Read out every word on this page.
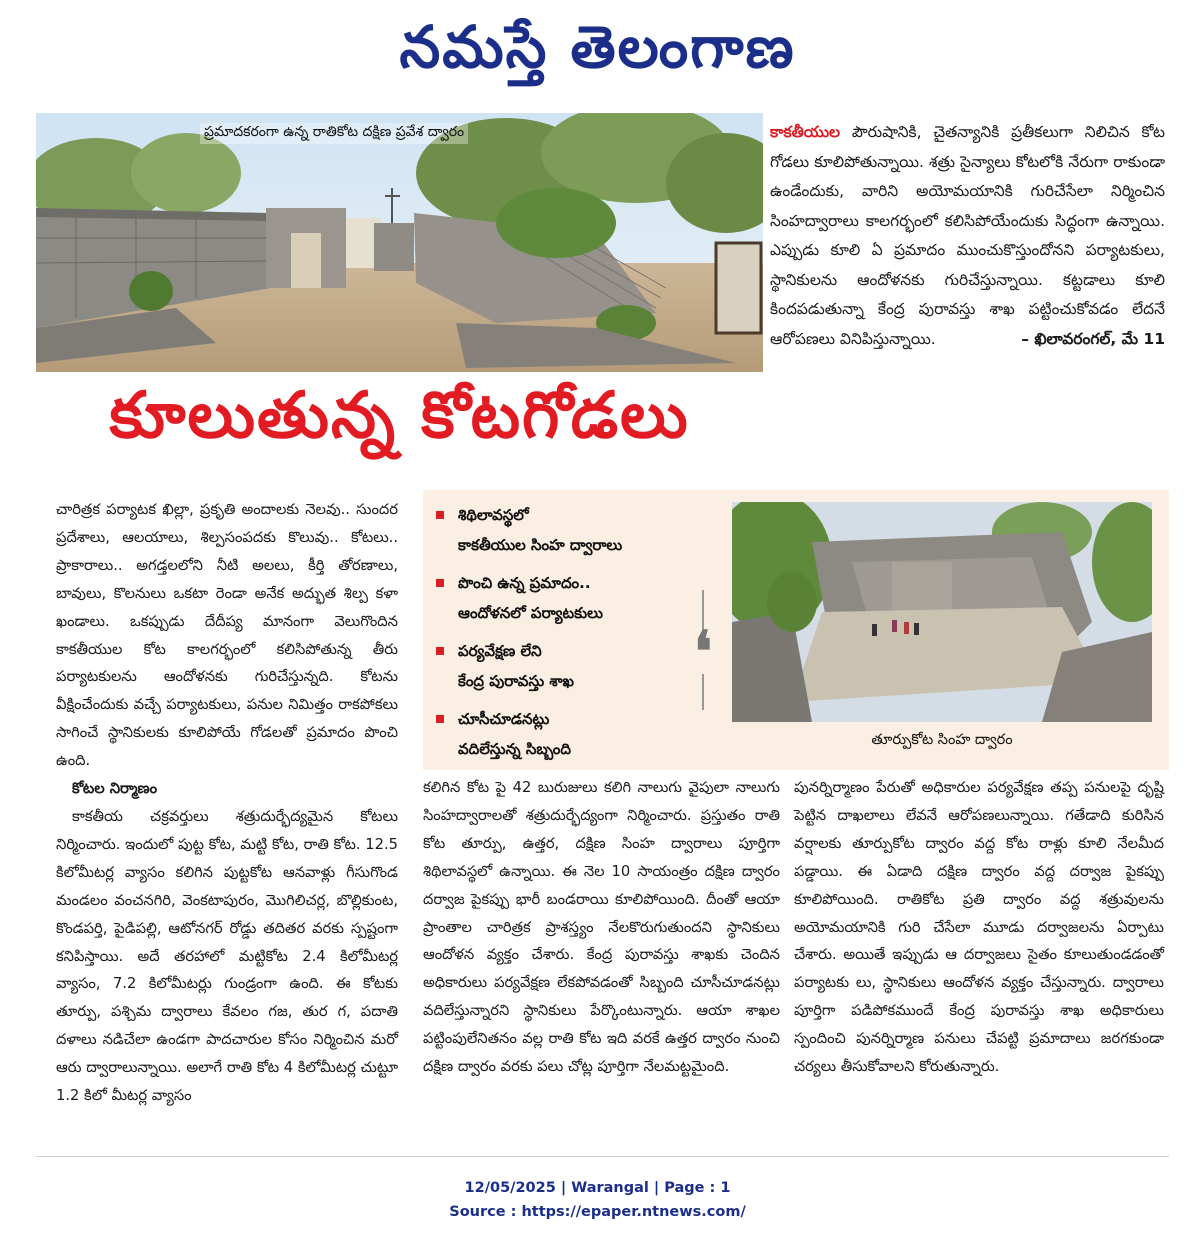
నమస్తే తెలంగాణ
ప్రమాదకరంగా ఉన్న రాతికోట దక్షిణ ప్రవేశ ద్వారం
కూలుతున్న కోటగోడలు
కాకతీయుల పౌరుషానికి, చైతన్యానికి ప్రతీకలుగా నిలిచిన కోట గోడలు కూలిపోతున్నాయి. శత్రు సైన్యాలు కోటలోకి నేరుగా రాకుండా ఉండేందుకు, వారిని అయోమయానికి గురిచేసేలా నిర్మించిన సింహద్వారాలు కాలగర్భంలో కలిసిపోయేందుకు సిద్ధంగా ఉన్నాయి. ఎప్పుడు కూలి ఏ ప్రమాదం ముంచుకొస్తుందోనని పర్యాటకులు, స్థానికులను ఆందోళనకు గురిచేస్తున్నాయి. కట్టడాలు కూలి కిందపడుతున్నా కేంద్ర పురావస్తు శాఖ పట్టించుకోవడం లేదనే ఆరోపణలు వినిపిస్తున్నాయి.	– ఖిలావరంగల్, మే 11

చారిత్రక పర్యాటక ఖిల్లా, ప్రకృతి అందాలకు నెలవు.. సుందర ప్రదేశాలు, ఆలయాలు, శిల్పసంపదకు కొలువు.. కోటలు.. ప్రాకారాలు.. అగడ్తలలోని నీటి అలలు, కీర్తి తోరణాలు, బావులు, కొలనులు ఒకటా రెండా అనేక అద్భుత శిల్ప కళా ఖండాలు. ఒకప్పుడు దేదీప్య మానంగా వెలుగొందిన కాకతీయుల కోట కాలగర్భంలో కలిసిపోతున్న తీరు పర్యాటకులను ఆందోళనకు గురిచేస్తున్నది. కోటను వీక్షించేందుకు వచ్చే పర్యాటకులు, పనుల నిమిత్తం రాకపోకలు సాగించే స్థానికులకు కూలిపోయే గోడలతో ప్రమాదం పొంచి ఉంది.

కోటల నిర్మాణం

కాకతీయ చక్రవర్తులు శత్రుదుర్భేద్యమైన కోటలు నిర్మించారు. ఇందులో పుట్ట కోట, మట్టి కోట, రాతి కోట. 12.5 కిలోమీటర్ల వ్యాసం కలిగిన పుట్టకోట ఆనవాళ్లు గీసుగొండ మండలం వంచనగిరి, వెంకటాపురం, మొగిలిచర్ల, బొల్లికుంట, కొండపర్తి, పైడిపల్లి, ఆటోనగర్ రోడ్డు తదితర వరకు స్పష్టంగా కనిపిస్తాయి. అదే తరహాలో మట్టికోట 2.4 కిలోమీటర్ల వ్యాసం, 7.2 కిలోమీటర్లు గుండ్రంగా ఉంది. ఈ కోటకు తూర్పు, పశ్చిమ ద్వారాలు కేవలం గజ, తుర గ, పదాతి దళాలు నడిచేలా ఉండగా పాదచారుల కోసం నిర్మించిన మరో ఆరు ద్వారాలున్నాయి. అలాగే రాతి కోట 4 కిలోమీటర్ల చుట్టూ 1.2 కిలో మీటర్ల వ్యాసం

శిథిలావస్థలో
కాకతీయుల సింహ ద్వారాలు
పొంచి ఉన్న ప్రమాదం..
ఆందోళనలో పర్యాటకులు
పర్యవేక్షణ లేని
కేంద్ర పురావస్తు శాఖ
చూసీచూడనట్లు
వదిలేస్తున్న సిబ్బంది
❛
తూర్పుకోట సింహ ద్వారం

కలిగిన కోట పై 42 బురుజులు కలిగి నాలుగు వైపులా నాలుగు సింహద్వారాలతో శత్రుదుర్భేద్యంగా నిర్మించారు. ప్రస్తుతం రాతి కోట తూర్పు, ఉత్తర, దక్షిణ సింహ ద్వారాలు పూర్తిగా శిథిలావస్థలో ఉన్నాయి. ఈ నెల 10 సాయంత్రం దక్షిణ ద్వారం దర్వాజ పైకప్పు భారీ బండరాయి కూలిపోయింది. దీంతో ఆయా ప్రాంతాల చారిత్రక ప్రాశస్త్యం నేలకొరుగుతుందని స్థానికులు ఆందోళన వ్యక్తం చేశారు. కేంద్ర పురావస్తు శాఖకు చెందిన అధికారులు పర్యవేక్షణ లేకపోవడంతో సిబ్బంది చూసీచూడనట్లు వదిలేస్తున్నారని స్థానికులు పేర్కొంటున్నారు. ఆయా శాఖల పట్టింపులేనితనం వల్ల రాతి కోట ఇది వరకే ఉత్తర ద్వారం నుంచి దక్షిణ ద్వారం వరకు పలు చోట్ల పూర్తిగా నేలమట్టమైంది.

పునర్నిర్మాణం పేరుతో అధికారుల పర్యవేక్షణ తప్ప పనులపై దృష్టి పెట్టిన దాఖలాలు లేవనే ఆరోపణలున్నాయి. గతేడాది కురిసిన వర్షాలకు తూర్పుకోట ద్వారం వద్ద కోట రాళ్లు కూలి నేలమీద పడ్డాయి. ఈ ఏడాది దక్షిణ ద్వారం వద్ద దర్వాజ పైకప్పు కూలిపోయింది. రాతికోట ప్రతి ద్వారం వద్ద శత్రువులను అయోమయానికి గురి చేసేలా మూడు దర్వాజలను ఏర్పాటు చేశారు. అయితే ఇప్పుడు ఆ దర్వాజలు సైతం కూలుతుండడంతో పర్యాటకు లు, స్థానికులు ఆందోళన వ్యక్తం చేస్తున్నారు. ద్వారాలు పూర్తిగా పడిపోకముందే కేంద్ర పురావస్తు శాఖ అధికారులు స్పందించి పునర్నిర్మాణ పనులు చేపట్టి ప్రమాదాలు జరగకుండా చర్యలు తీసుకోవాలని కోరుతున్నారు.

12/05/2025 | Warangal | Page : 1
Source : https://epaper.ntnews.com/
